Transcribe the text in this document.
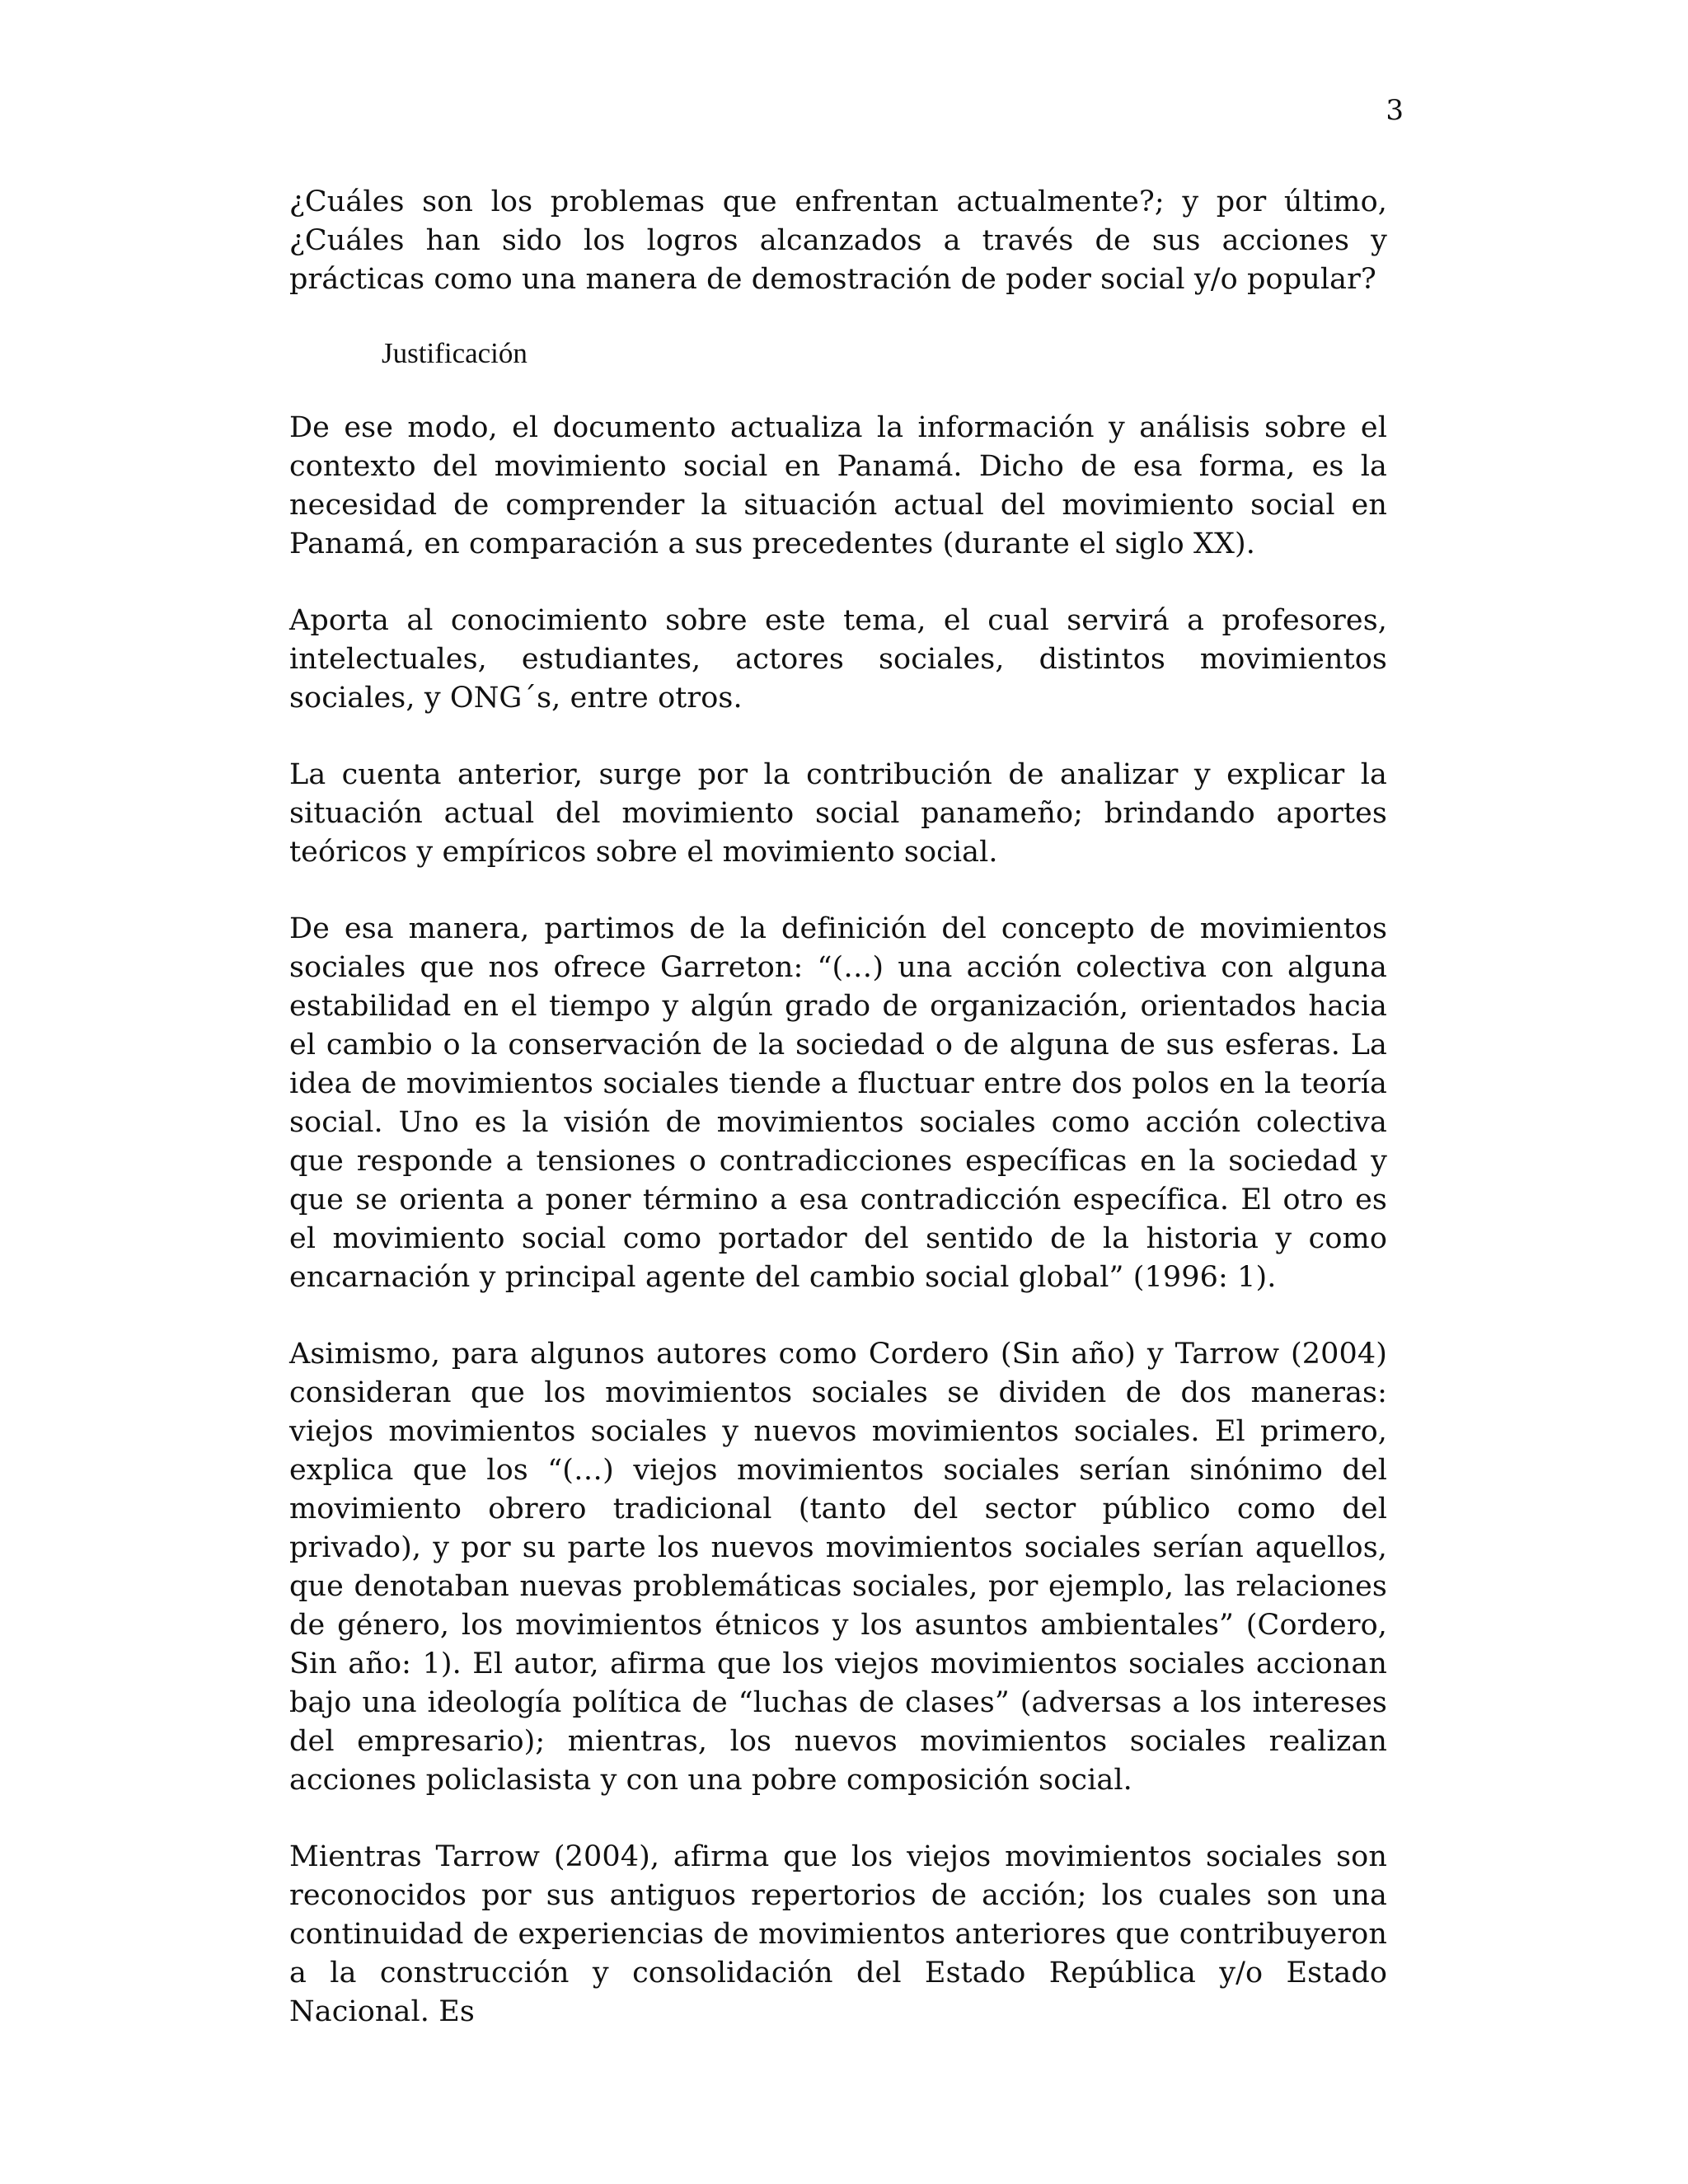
3

¿Cuáles son los problemas que enfrentan actualmente?; y por último, ¿Cuáles han sido los logros alcanzados a través de sus acciones y prácticas como una manera de demostración de poder social y/o popular?

Justificación

De ese modo, el documento actualiza la información y análisis sobre el contexto del movimiento social en Panamá. Dicho de esa forma, es la necesidad de comprender la situación actual del movimiento social en Panamá, en comparación a sus precedentes (durante el siglo XX).

Aporta al conocimiento sobre este tema, el cual servirá a profesores, intelectuales, estudiantes, actores sociales, distintos movimientos sociales, y ONG´s, entre otros.

La cuenta anterior, surge por la contribución de analizar y explicar la situación actual del movimiento social panameño; brindando aportes teóricos y empíricos sobre el movimiento social.

De esa manera, partimos de la definición del concepto de movimientos sociales que nos ofrece Garreton: “(…) una acción colectiva con alguna estabilidad en el tiempo y algún grado de organización, orientados hacia el cambio o la conservación de la sociedad o de alguna de sus esferas. La idea de movimientos sociales tiende a fluctuar entre dos polos en la teoría social. Uno es la visión de movimientos sociales como acción colectiva que responde a tensiones o contradicciones específicas en la sociedad y que se orienta a poner término a esa contradicción específica. El otro es el movimiento social como portador del sentido de la historia y como encarnación y principal agente del cambio social global” (1996: 1).

Asimismo, para algunos autores como Cordero (Sin año) y Tarrow (2004) consideran que los movimientos sociales se dividen de dos maneras: viejos movimientos sociales y nuevos movimientos sociales. El primero, explica que los “(…) viejos movimientos sociales serían sinónimo del movimiento obrero tradicional (tanto del sector público como del privado), y por su parte los nuevos movimientos sociales serían aquellos, que denotaban nuevas problemáticas sociales, por ejemplo, las relaciones de género, los movimientos étnicos y los asuntos ambientales” (Cordero, Sin año: 1). El autor, afirma que los viejos movimientos sociales accionan bajo una ideología política de “luchas de clases” (adversas a los intereses del empresario); mientras, los nuevos movimientos sociales realizan acciones policlasista y con una pobre composición social.

Mientras Tarrow (2004), afirma que los viejos movimientos sociales son reconocidos por sus antiguos repertorios de acción; los cuales son una continuidad de experiencias de movimientos anteriores que contribuyeron a la construcción y consolidación del Estado República y/o Estado Nacional. Es
